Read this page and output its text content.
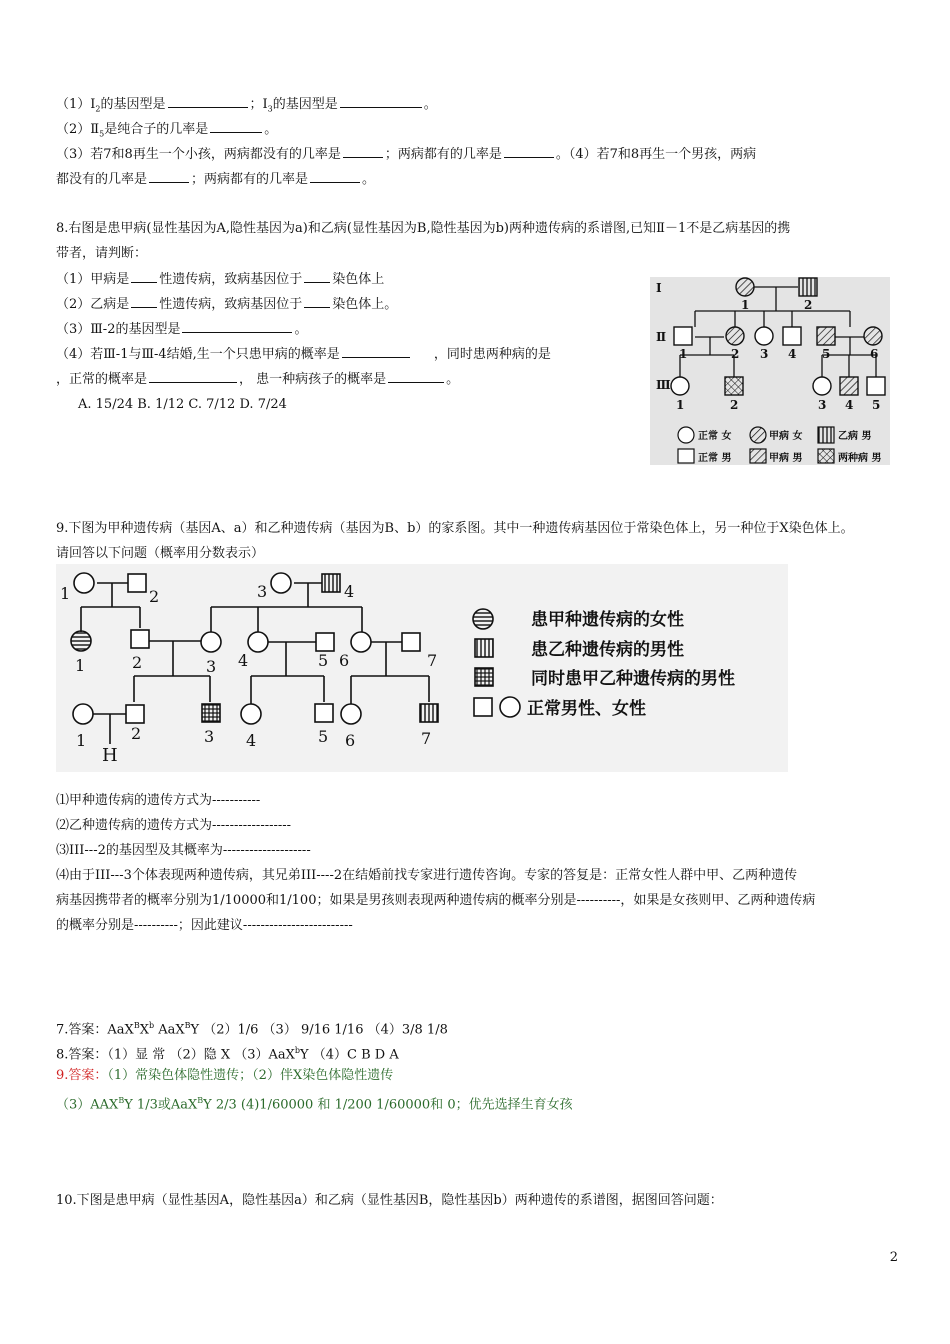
$(1)Ⅰ_2$的基因型是	；$Ⅰ_3$的基因型是	。
$(2)Ⅱ_5$是纯合子的几率是	。
（3）若7和8再生一个小孩，两病都没有的几率是	；两病都有的几率是	。（4）若7和8再生一个男孩，两病
都没有的几率是	；两病都有的几率是	。
8.右图是患甲病(显性基因为A,隐性基因为a)和乙病(显性基因为B,隐性基因为b)两种遗传病的系谱图,已知Ⅱ－1不是乙病基因的携
带者，请判断：
（1）甲病是 性遗传病，致病基因位于 染色体上
（2）乙病是 性遗传病，致病基因位于 染色体上。
（3）Ⅲ-2的基因型是	。
（4）若Ⅲ-1与Ⅲ-4结婚,生一个只患甲病的概率是	，同时患两种病的是
，正常的概率是	， 患一种病孩子的概率是	。
A. 15/24 B. 1/12 C. 7/12 D. 7/24
Ⅰ
Ⅱ
Ⅲ
1	2
1	2 3 4 5	6
1	2	3 4 5
正常 女	甲病 女	乙病 男
正常 男	甲病 男	两种病 男
9.下图为甲种遗传病（基因A、a）和乙种遗传病（基因为B、b）的家系图。其中一种遗传病基因位于常染色体上，另一种位于X染色体上。
请回答以下问题（概率用分数表示）
1	2	3	4
1	2	3 4	5 6	7
1	2	3 4	5 6	7
H
患甲种遗传病的女性
患乙种遗传病的男性
同时患甲乙种遗传病的男性
正常男性、女性
⑴甲种遗传病的遗传方式为-----------
⑵乙种遗传病的遗传方式为------------------
⑶III---2的基因型及其概率为--------------------
⑷由于III---3个体表现两种遗传病，其兄弟III----2在结婚前找专家进行遗传咨询。专家的答复是：正常女性人群中甲、乙两种遗传
病基因携带者的概率分别为1/10000和1/100；如果是男孩则表现两种遗传病的概率分别是----------，如果是女孩则甲、乙两种遗传病
的概率分别是----------；因此建议-------------------------
7.答案：$AaX^BX^b$ AaX$^B$Y （2）1/6 （3） 9/16 1/16 （4）3/8 1/8
8.答案：（1）显 常 （2）隐 X （3）AaX$^b$Y （4）C B D A
9.答案：（1）常染色体隐性遗传；（2）伴X染色体隐性遗传
$(3)AAX^BY$ 1/3或AaX$^B$Y 2/3 (4)1/60000 和 1/200 1/60000和 0；优先选择生育女孩
10.下图是患甲病（显性基因A，隐性基因a）和乙病（显性基因B，隐性基因b）两种遗传的系谱图，据图回答问题：
2
